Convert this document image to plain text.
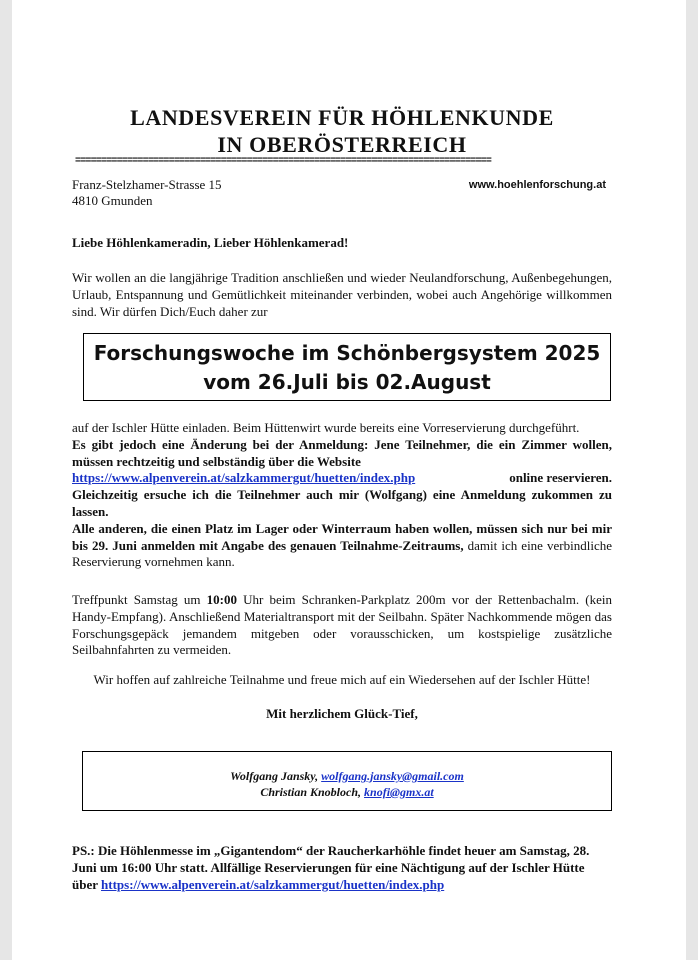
LANDESVEREIN FÜR HÖHLENKUNDE
IN OBERÖSTERREICH
================================================================================
Franz-Stelzhamer-Strasse 15
4810 Gmunden
www.hoehlenforschung.at

Liebe Höhlenkameradin, Lieber Höhlenkamerad!

Wir wollen an die langjährige Tradition anschließen und wieder Neulandforschung, Außenbegehungen, Urlaub, Entspannung und Gemütlichkeit miteinander verbinden, wobei auch Angehörige willkommen sind. Wir dürfen Dich/Euch daher zur

Forschungswoche im Schönbergsystem 2025
vom 26.Juli bis 02.August
auf der Ischler Hütte einladen. Beim Hüttenwirt wurde bereits eine Vorreservierung durchgeführt.
Es gibt jedoch eine Änderung bei der Anmeldung: Jene Teilnehmer, die ein Zimmer wollen, müssen rechtzeitig und selbständig über die Website
https://www.alpenverein.at/salzkammergut/huetten/index.php	online reservieren.

Gleichzeitig ersuche ich die Teilnehmer auch mir (Wolfgang) eine Anmeldung zukommen zu lassen.
Alle anderen, die einen Platz im Lager oder Winterraum haben wollen, müssen sich nur bei mir bis 29. Juni anmelden mit Angabe des genauen Teilnahme-Zeitraums, damit ich eine verbindliche Reservierung vornehmen kann.
Treffpunkt Samstag um 10:00 Uhr beim Schranken-Parkplatz 200m vor der Rettenbachalm. (kein Handy-Empfang). Anschließend Materialtransport mit der Seilbahn. Später Nachkommende mögen das Forschungsgepäck jemandem mitgeben oder vorausschicken, um kostspielige zusätzliche Seilbahnfahrten zu vermeiden.

Wir hoffen auf zahlreiche Teilnahme und freue mich auf ein Wiedersehen auf der Ischler Hütte!

Mit herzlichem Glück-Tief,

Wolfgang Jansky, wolfgang.jansky@gmail.com
Christian Knobloch, knofi@gmx.at

PS.: Die Höhlenmesse im „Gigantendom“ der Raucherkarhöhle findet heuer am Samstag, 28. Juni um 16:00 Uhr statt. Allfällige Reservierungen für eine Nächtigung auf der Ischler Hütte über https://www.alpenverein.at/salzkammergut/huetten/index.php
